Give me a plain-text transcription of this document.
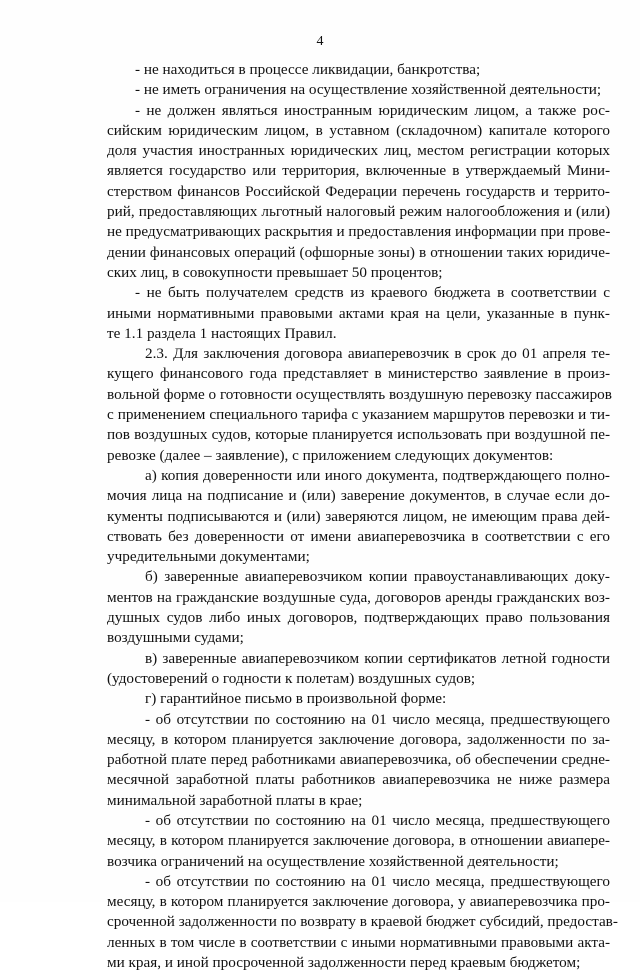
4
- не находиться в процессе ликвидации, банкротства;
- не иметь ограничения на осуществление хозяйственной деятельности;
- не должен являться иностранным юридическим лицом, а также рос-
сийским юридическим лицом, в уставном (складочном) капитале которого
доля участия иностранных юридических лиц, местом регистрации которых
является государство или территория, включенные в утверждаемый Мини-
стерством финансов Российской Федерации перечень государств и террито-
рий, предоставляющих льготный налоговый режим налогообложения и (или)
не предусматривающих раскрытия и предоставления информации при прове-
дении финансовых операций (офшорные зоны) в отношении таких юридиче-
ских лиц, в совокупности превышает 50 процентов;
- не быть получателем средств из краевого бюджета в соответствии с
иными нормативными правовыми актами края на цели, указанные в пунк-
те 1.1 раздела 1 настоящих Правил.
2.3. Для заключения договора авиаперевозчик в срок до 01 апреля те-
кущего финансового года представляет в министерство заявление в произ-
вольной форме о готовности осуществлять воздушную перевозку пассажиров
с применением специального тарифа с указанием маршрутов перевозки и ти-
пов воздушных судов, которые планируется использовать при воздушной пе-
ревозке (далее – заявление), с приложением следующих документов:
а) копия доверенности или иного документа, подтверждающего полно-
мочия лица на подписание и (или) заверение документов, в случае если до-
кументы подписываются и (или) заверяются лицом, не имеющим права дей-
ствовать без доверенности от имени авиаперевозчика в соответствии с его
учредительными документами;
б) заверенные авиаперевозчиком копии правоустанавливающих доку-
ментов на гражданские воздушные суда, договоров аренды гражданских воз-
душных судов либо иных договоров, подтверждающих право пользования
воздушными судами;
в) заверенные авиаперевозчиком копии сертификатов летной годности
(удостоверений о годности к полетам) воздушных судов;
г) гарантийное письмо в произвольной форме:
- об отсутствии по состоянию на 01 число месяца, предшествующего
месяцу, в котором планируется заключение договора, задолженности по за-
работной плате перед работниками авиаперевозчика, об обеспечении средне-
месячной заработной платы работников авиаперевозчика не ниже размера
минимальной заработной платы в крае;
- об отсутствии по состоянию на 01 число месяца, предшествующего
месяцу, в котором планируется заключение договора, в отношении авиапере-
возчика ограничений на осуществление хозяйственной деятельности;
- об отсутствии по состоянию на 01 число месяца, предшествующего
месяцу, в котором планируется заключение договора, у авиаперевозчика про-
сроченной задолженности по возврату в краевой бюджет субсидий, предостав-
ленных в том числе в соответствии с иными нормативными правовыми акта-
ми края, и иной просроченной задолженности перед краевым бюджетом;
